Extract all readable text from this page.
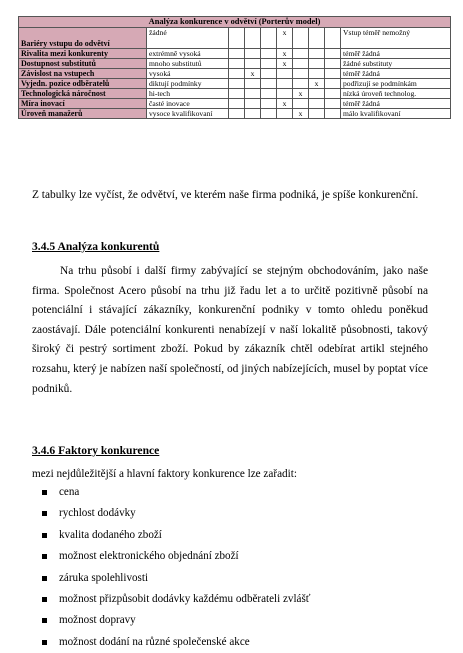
Analýza konkurence v odvětví (Porterův model)									
Bariéry vstupu do odvětví	žádné				x				Vstup téměř nemožný
Rivalita mezi konkurenty	extrémně vysoká				x				téměř žádná
Dostupnost substitutů	mnoho substitutů				x				žádné substituty
Závislost na vstupech	vysoká		x						téměř žádná
Vyjedn. pozice odběratelů	diktují podmínky						x		podřizují se podmínkám
Technologická náročnost	hi-tech					x			nízká úroveň technolog.
Míra inovací	časté inovace				x				téměř žádná
Úroveň manažerů	vysoce kvalifikovaní					x			málo kvalifikovaní

Z tabulky lze vyčíst, že odvětví, ve kterém naše firma podniká, je spíše konkurenční.

3.4.5 Analýza konkurentů

Na trhu působí i další firmy zabývající se stejným obchodováním, jako naše firma. Společnost Acero působí na trhu již řadu let a to určitě pozitivně působí na potenciální i stávající zákazníky, konkurenční podniky v tomto ohledu poněkud zaostávají. Dále potenciální konkurenti nenabízejí v naší lokalitě působnosti, takový široký či pestrý sortiment zboží. Pokud by zákazník chtěl odebírat artikl stejného rozsahu, který je nabízen naší společností, od jiných nabízejících, musel by poptat více podniků.

3.4.6 Faktory konkurence

mezi nejdůležitější a hlavní faktory konkurence lze zařadit:

cena
rychlost dodávky
kvalita dodaného zboží
možnost elektronického objednání zboží
záruka spolehlivosti
možnost přizpůsobit dodávky každému odběrateli zvlášť
možnost dopravy
možnost dodání na různé společenské akce
